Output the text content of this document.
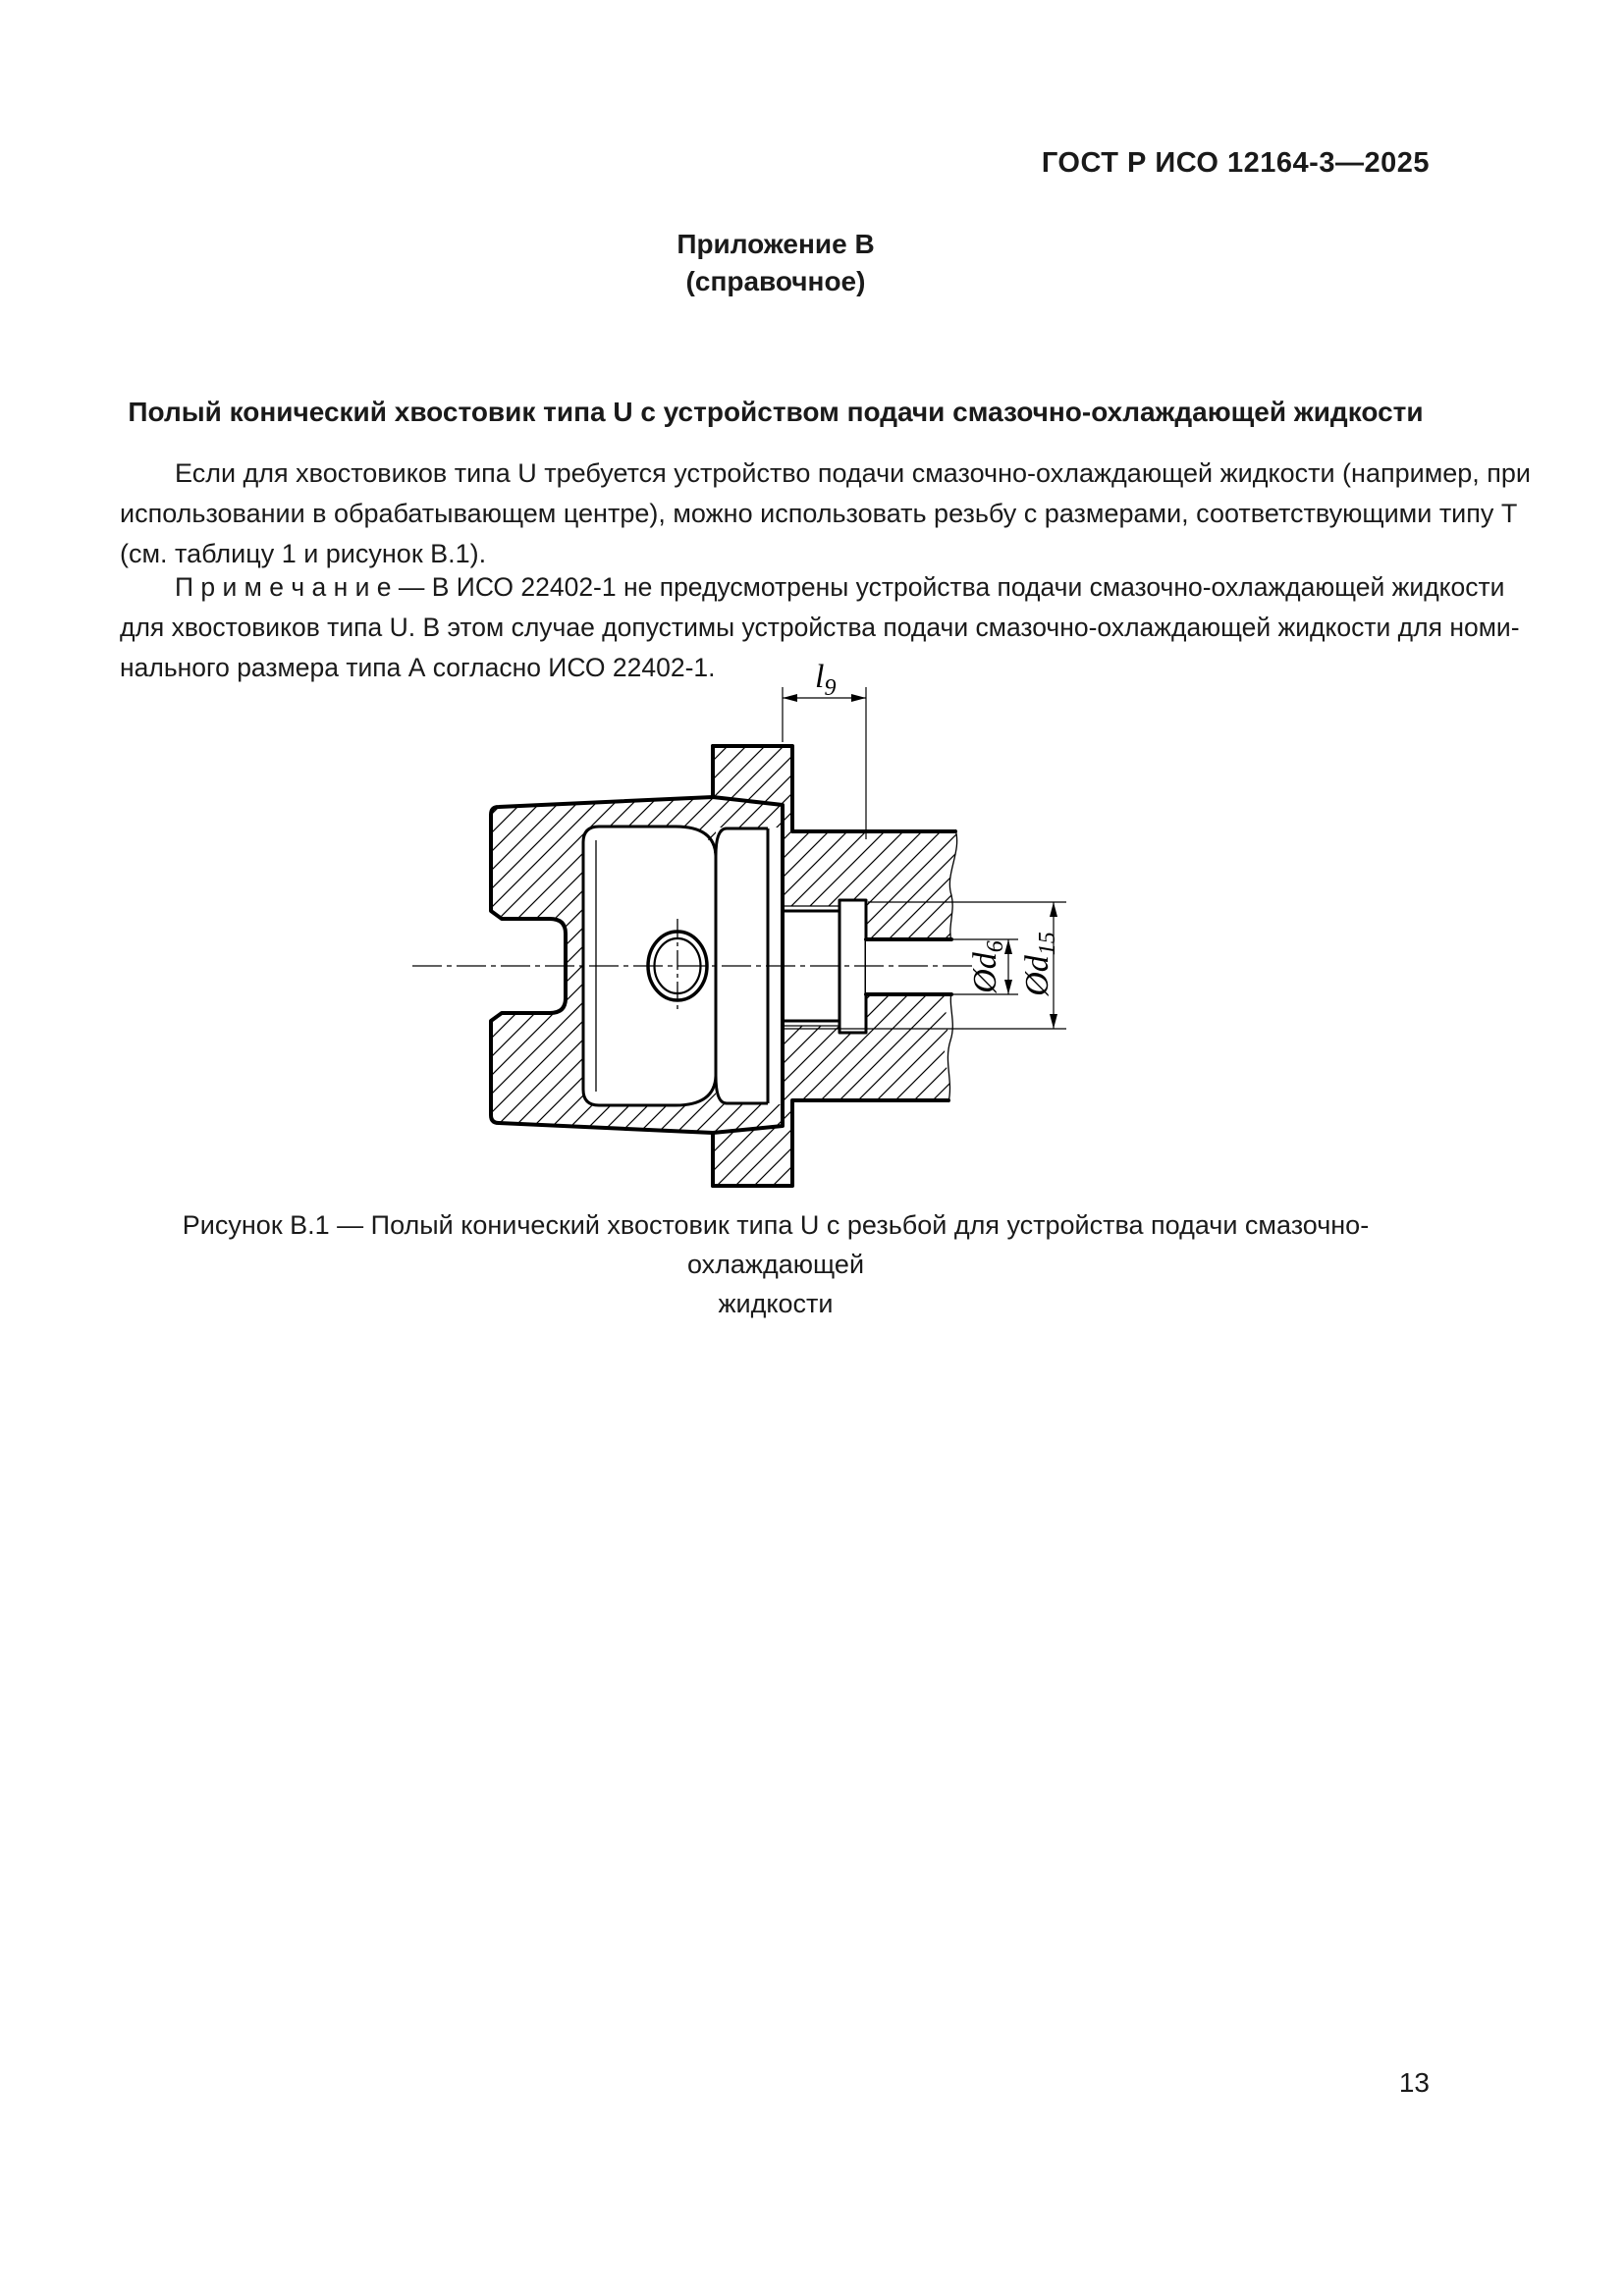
ГОСТ Р ИСО 12164-3—2025
Приложение В
(справочное)
Полый конический хвостовик типа U с устройством подачи смазочно-охлаждающей жидкости
Если для хвостовиков типа U требуется устройство подачи смазочно-охлаждающей жидкости (например, при
использовании в обрабатывающем центре), можно использовать резьбу с размерами, соответствующими типу Т
(см. таблицу 1 и рисунок В.1).
П р и м е ч а н и е — В ИСО 22402-1 не предусмотрены устройства подачи смазочно-охлаждающей жидкости
для хвостовиков типа U. В этом случае допустимы устройства подачи смазочно-охлаждающей жидкости для номи-
нального размера типа А согласно ИСО 22402-1.
Рисунок В.1 — Полый конический хвостовик типа U с резьбой для устройства подачи смазочно-охлаждающей
жидкости
13
$l_9$
$Ød_6$
$Ød_{15}$
